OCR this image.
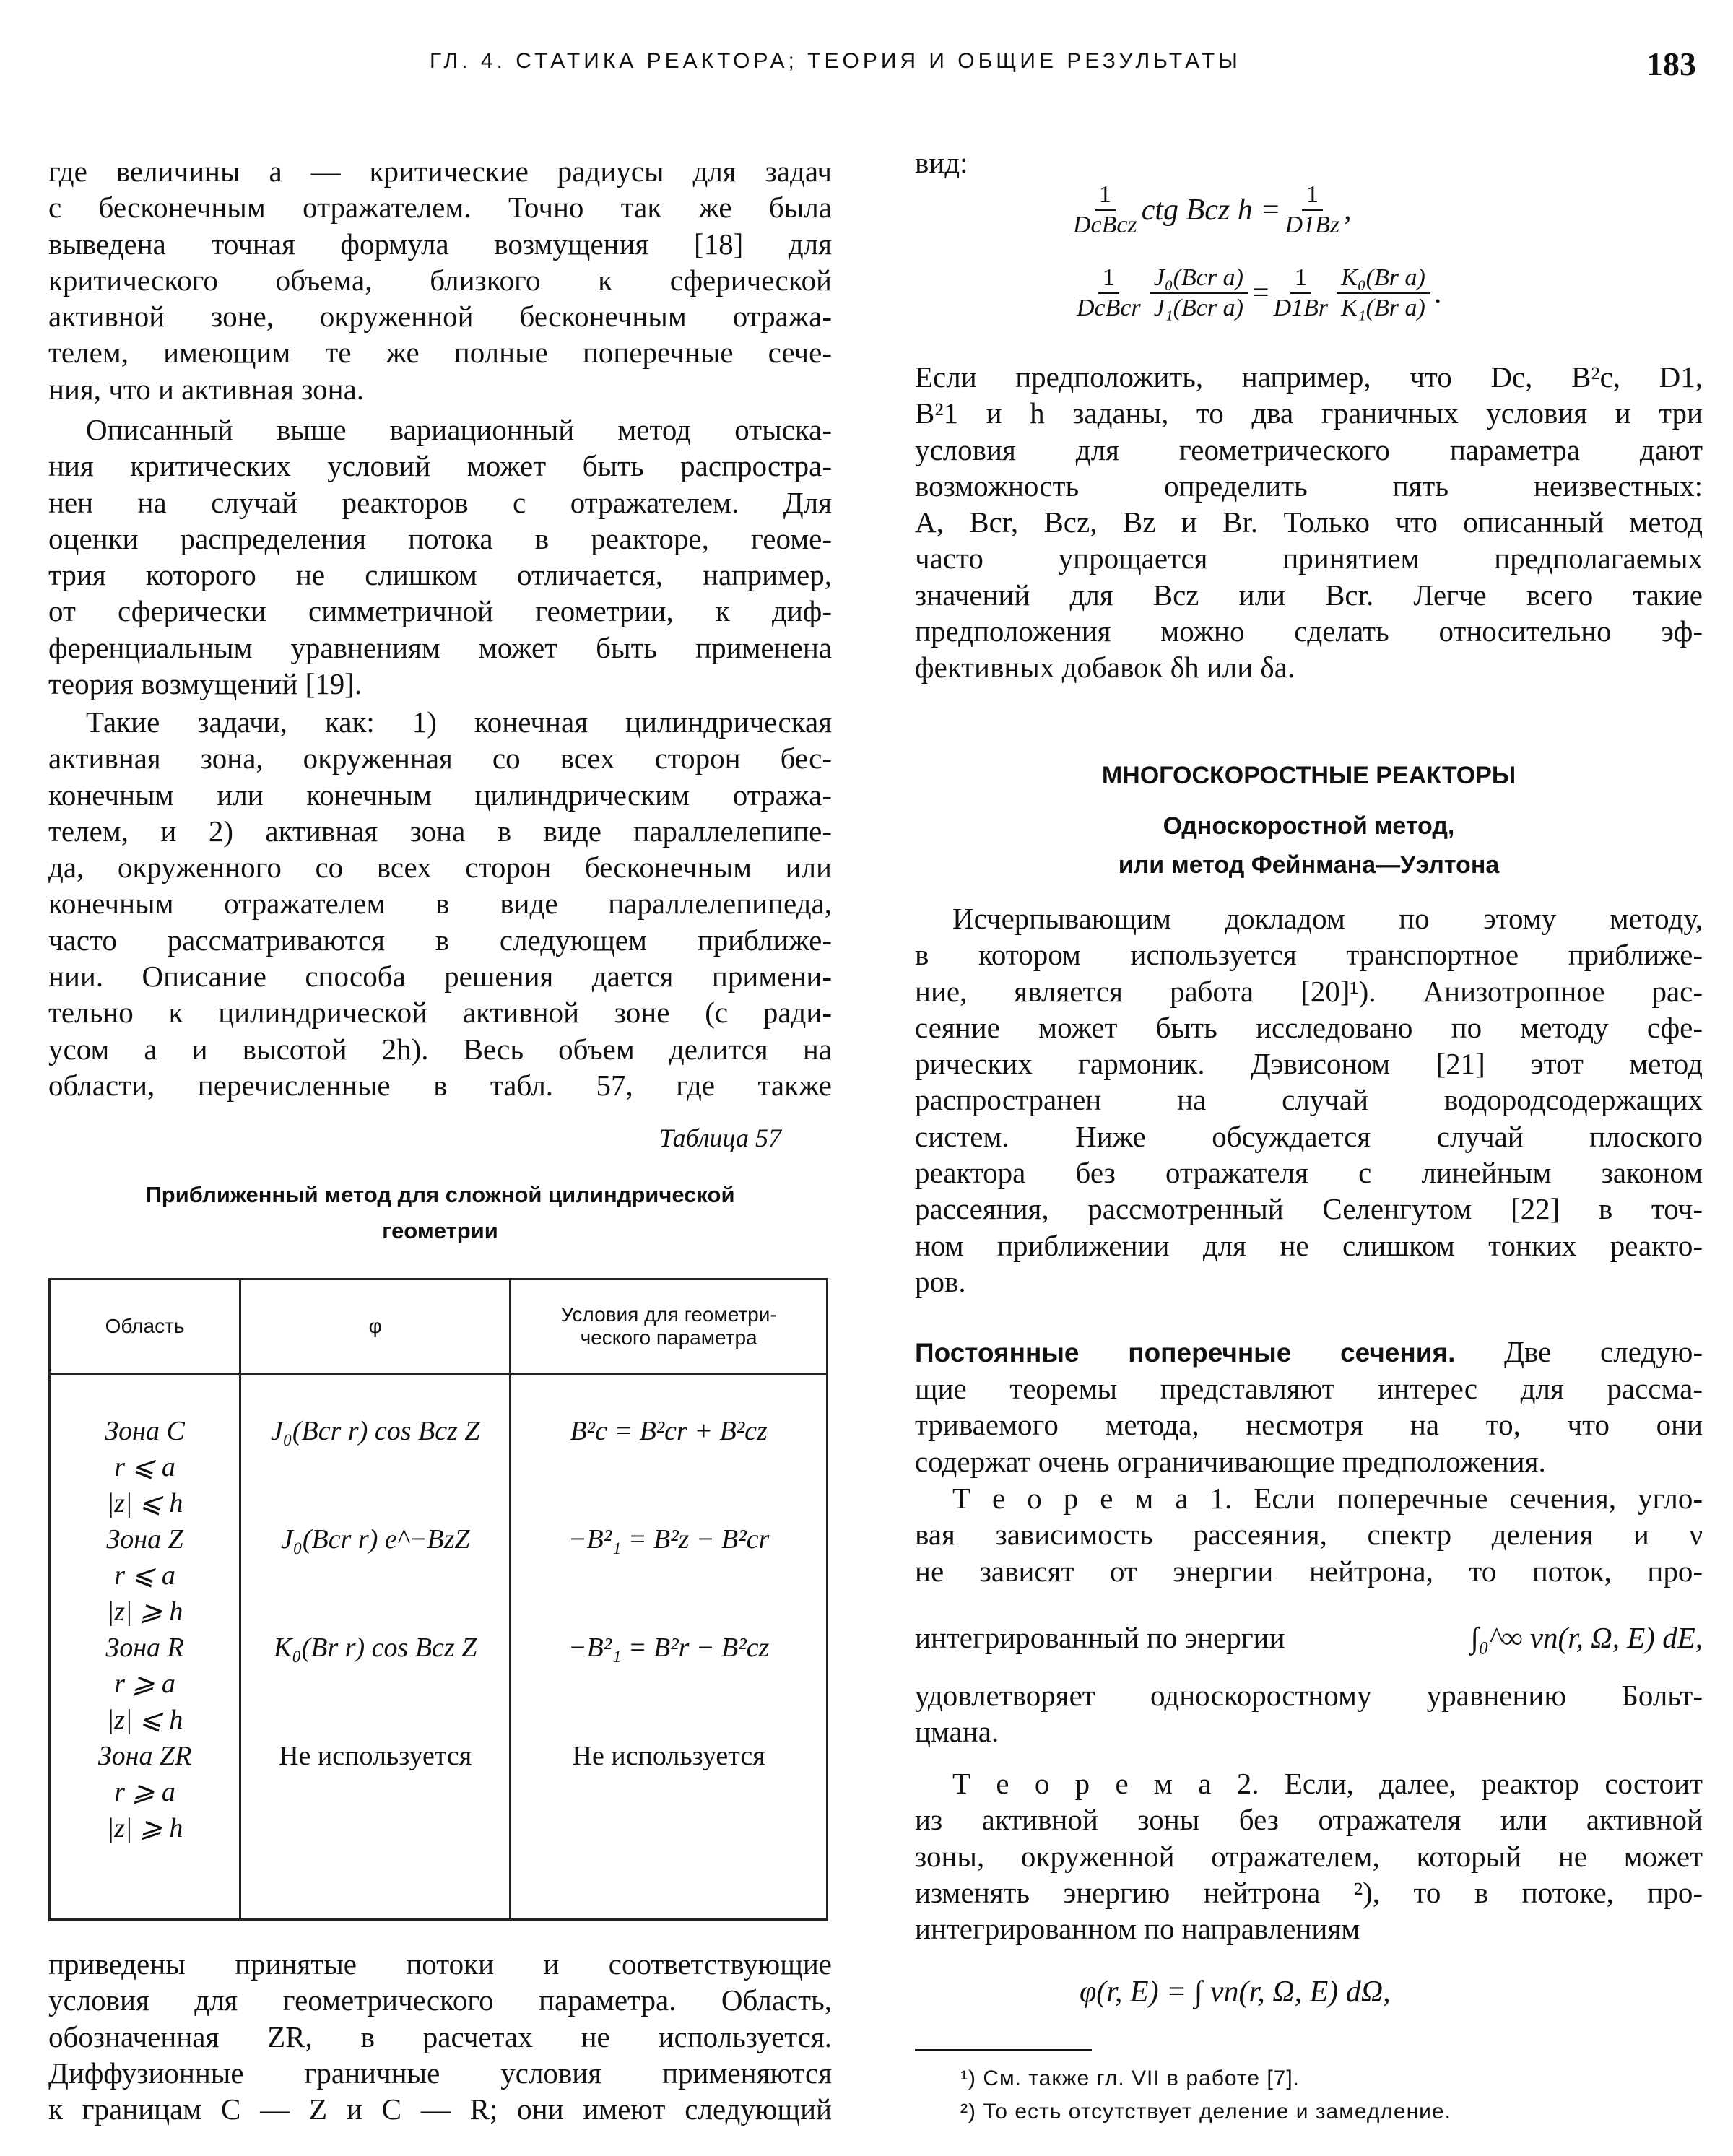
ГЛ. 4. СТАТИКА РЕАКТОРА; ТЕОРИЯ И ОБЩИЕ РЕЗУЛЬТАТЫ	183
где величины a — критические радиусы для задач
с бесконечным отражателем. Точно так же была
выведена точная формула возмущения [18] для
критического объема, близкого к сферической
активной зоне, окруженной бесконечным отража-
телем, имеющим те же полные поперечные сече-
ния, что и активная зона.
Описанный выше вариационный метод отыска-
ния критических условий может быть распростра-
нен на случай реакторов с отражателем. Для
оценки распределения потока в реакторе, геоме-
трия которого не слишком отличается, например,
от сферически симметричной геометрии, к диф-
ференциальным уравнениям может быть применена
теория возмущений [19].
Такие задачи, как: 1) конечная цилиндрическая
активная зона, окруженная со всех сторон бес-
конечным или конечным цилиндрическим отража-
телем, и 2) активная зона в виде параллелепипе-
да, окруженного со всех сторон бесконечным или
конечным отражателем в виде параллелепипеда,
часто рассматриваются в следующем приближе-
нии. Описание способа решения дается примени-
тельно к цилиндрической активной зоне (с ради-
усом a и высотой 2h). Весь объем делится на
области, перечисленные в табл. 57, где также
Таблица 57
Приближенный метод для сложной цилиндрической
геометрии
Область	φ	Условия для геометри-
ческого параметра

Зона C
r ⩽ a
|z| ⩽ h	J₀(Bcr r) cos Bcz Z	B²c = B²cr + B²cz

Зона Z
r ⩽ a
|z| ⩾ h	J₀(Bcr r) e^−BzZ	−B²₁ = B²z − B²cr

Зона R
r ⩾ a
|z| ⩽ h	K₀(Br r) cos Bcz Z	−B²₁ = B²r − B²cz

Зона ZR
r ⩾ a
|z| ⩾ h	Не используется	Не используется
приведены принятые потоки и соответствующие
условия для геометрического параметра. Область,
обозначенная ZR, в расчетах не используется.
Диффузионные граничные условия применяются
к границам C — Z и C — R; они имеют следующий
вид:
$\frac{1}{\text{DcBcz}}$ ctg Bcz $h = \frac{1}{D1Bz}$ ,
$\frac{1}{\text{DcBcr}} \frac{\text{J₀(Bcr a)}}{\text{J₁(Bcr a)}} = \frac{1}{D1Br} \frac{\text{K₀(Br a)}}{\text{K₁(Br a)}}$ .
Если предположить, например, что Dc, B²c, D1,
B²1 и h заданы, то два граничных условия и три
условия для геометрического параметра дают
возможность определить пять неизвестных:
A, Bcr, Bcz, Bz и Br. Только что описанный метод
часто упрощается принятием предполагаемых
значений для Bcz или Bcr. Легче всего такие
предположения можно сделать относительно эф-
фективных добавок δh или δa.
МНОГОСКОРОСТНЫЕ РЕАКТОРЫ
Односкоростной метод,
или метод Фейнмана—Уэлтона
Исчерпывающим докладом по этому методу,
в котором используется транспортное приближе-
ние, является работа [20]¹). Анизотропное рас-
сеяние может быть исследовано по методу сфе-
рических гармоник. Дэвисоном [21] этот метод
распространен на случай водородсодержащих
систем. Ниже обсуждается случай плоского
реактора без отражателя с линейным законом
рассеяния, рассмотренный Селенгутом [22] в точ-
ном приближении для не слишком тонких реакто-
ров.
Постоянные поперечные сечения. Две следую-
щие теоремы представляют интерес для рассма-
триваемого метода, несмотря на то, что они
содержат очень ограничивающие предположения.
Т е о р е м а 1. Если поперечные сечения, угло-
вая зависимость рассеяния, спектр деления и ν
не зависят от энергии нейтрона, то поток, про-
интегрированный по энергии	∫₀^∞ νn(r, Ω, E) dE,
удовлетворяет односкоростному уравнению Больт-
цмана.
Т е о р е м а 2. Если, далее, реактор состоит
из активной зоны без отражателя или активной
зоны, окруженной отражателем, который не может
изменять энергию нейтрона ²), то в потоке, про-
интегрированном по направлениям
φ(r, E) = ∫ νn(r, Ω, E) dΩ,
¹) См. также гл. VII в работе [7].
²) То есть отсутствует деление и замедление.
